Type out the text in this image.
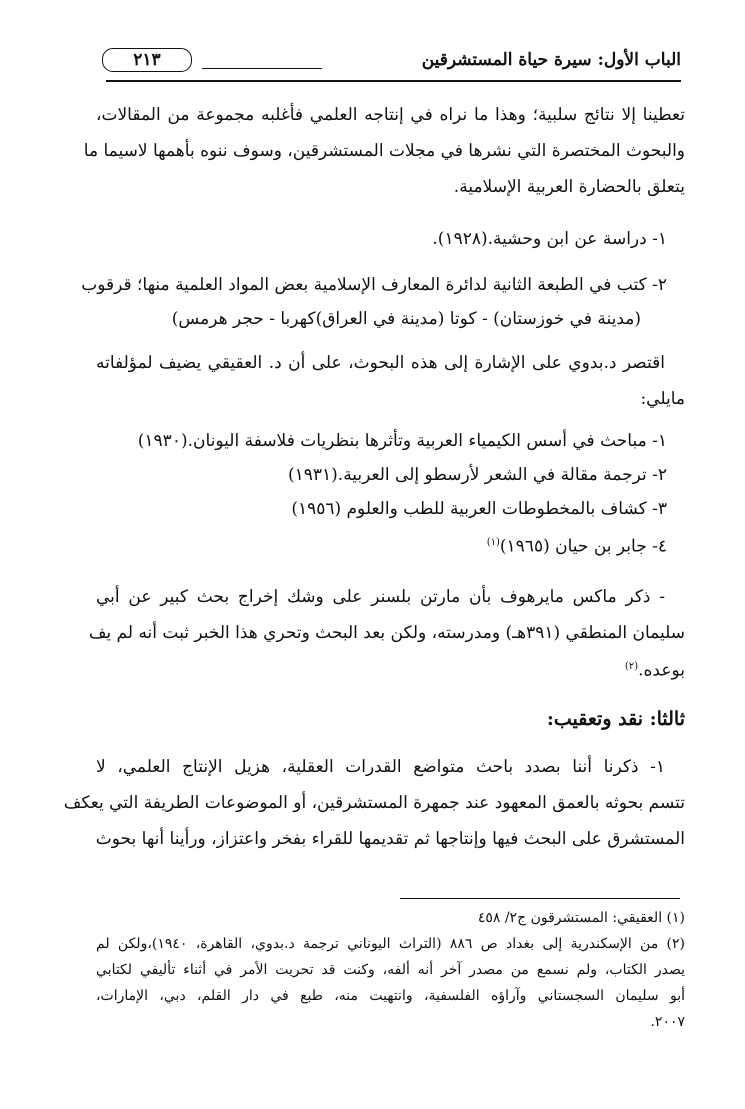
الباب الأول: سيرة حياة المستشرقين
٢١٣
تعطينا إلا نتائج سلبية؛ وهذا ما نراه في إنتاجه العلمي فأغلبه مجموعة من المقالات،
والبحوث المختصرة التي نشرها في مجلات المستشرقين، وسوف ننوه بأهمها لاسيما ما
يتعلق بالحضارة العربية الإسلامية.
١- دراسة عن ابن وحشية.(١٩٢٨).
٢- كتب في الطبعة الثانية لدائرة المعارف الإسلامية بعض المواد العلمية منها؛ قرقوب
(مدينة في خوزستان) - كوتا (مدينة في العراق)كهربا - حجر هرمس)
اقتصر د.بدوي على الإشارة إلى هذه البحوث، على أن د. العقيقي يضيف لمؤلفاته
مايلي:
١- مباحث في أسس الكيمياء العربية وتأثرها بنظريات فلاسفة اليونان.(١٩٣٠)
٢- ترجمة مقالة في الشعر لأرسطو إلى العربية.(١٩٣١)
٣- كشاف بالمخطوطات العربية للطب والعلوم (١٩٥٦)
٤- جابر بن حيان (١٩٦٥)$^{(١)}$
- ذكر ماكس مايرهوف بأن مارتن بلسنر على وشك إخراج بحث كبير عن أبي
سليمان المنطقي (٣٩١هـ) ومدرسته، ولكن بعد البحث وتحري هذا الخبر ثبت أنه لم يف
بوعده.$^{(٢)}$
ثالثا: نقد وتعقيب:
١- ذكرنا أننا بصدد باحث متواضع القدرات العقلية، هزيل الإنتاج العلمي، لا
تتسم بحوثه بالعمق المعهود عند جمهرة المستشرقين، أو الموضوعات الطريفة التي يعكف
المستشرق على البحث فيها وإنتاجها ثم تقديمها للقراء بفخر واعتزاز، ورأينا أنها بحوث
(١) العقيقي: المستشرقون ج٢/ ٤٥٨
(٢) من الإسكندرية إلى بغداد ص ٨٨٦ (التراث اليوناني ترجمة د.بدوي، القاهرة، ١٩٤٠)،ولكن لم
يصدر الكتاب، ولم نسمع من مصدر آخر أنه ألفه، وكنت قد تحريت الأمر في أثناء تأليفي لكتابي
أبو سليمان السجستاني وآراؤه الفلسفية، وانتهيت منه، طبع في دار القلم، دبي، الإمارات،
٢٠٠٧.
